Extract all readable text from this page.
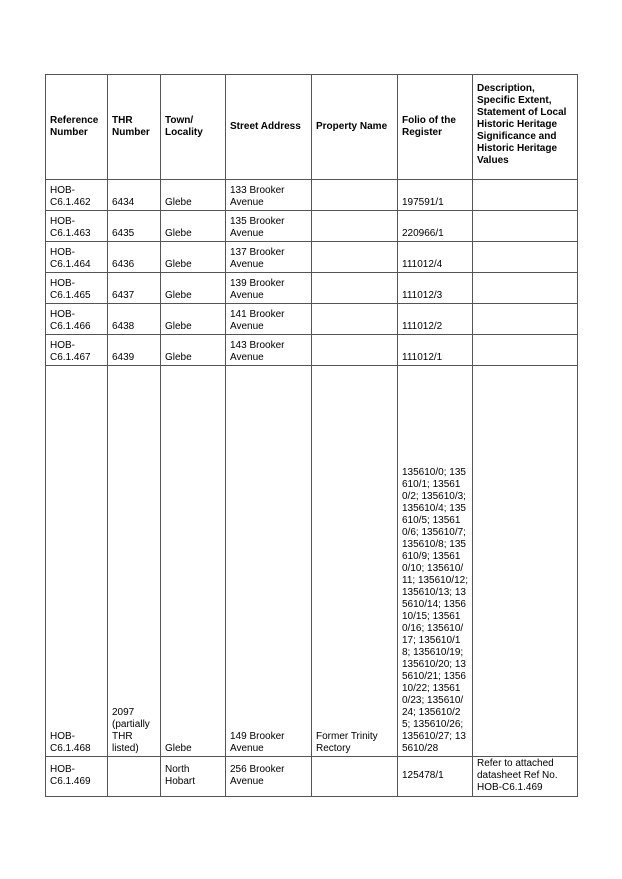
Reference Number	THR Number	Town/ Locality	Street Address	Property Name	Folio of the Register	Description, Specific Extent, Statement of Local Historic Heritage Significance and Historic Heritage Values
HOB-C6.1.462	6434	Glebe	133 Brooker Avenue		197591/1	
HOB-C6.1.463	6435	Glebe	135 Brooker Avenue		220966/1	
HOB-C6.1.464	6436	Glebe	137 Brooker Avenue		111012/4	
HOB-C6.1.465	6437	Glebe	139 Brooker Avenue		111012/3	
HOB-C6.1.466	6438	Glebe	141 Brooker Avenue		111012/2	
HOB-C6.1.467	6439	Glebe	143 Brooker Avenue		111012/1	
HOB-C6.1.468	2097 (partially THR listed)	Glebe	149 Brooker Avenue	Former Trinity Rectory	135610/0; 135610/1; 135610/2; 135610/3; 135610/4; 135610/5; 135610/6; 135610/7; 135610/8; 135610/9; 135610/10; 135610/11; 135610/12; 135610/13; 135610/14; 135610/15; 135610/16; 135610/17; 135610/18; 135610/19; 135610/20; 135610/21; 135610/22; 135610/23; 135610/24; 135610/25; 135610/26; 135610/27; 135610/28	
HOB-C6.1.469		North Hobart	256 Brooker Avenue		125478/1	Refer to attached datasheet Ref No. HOB-C6.1.469
